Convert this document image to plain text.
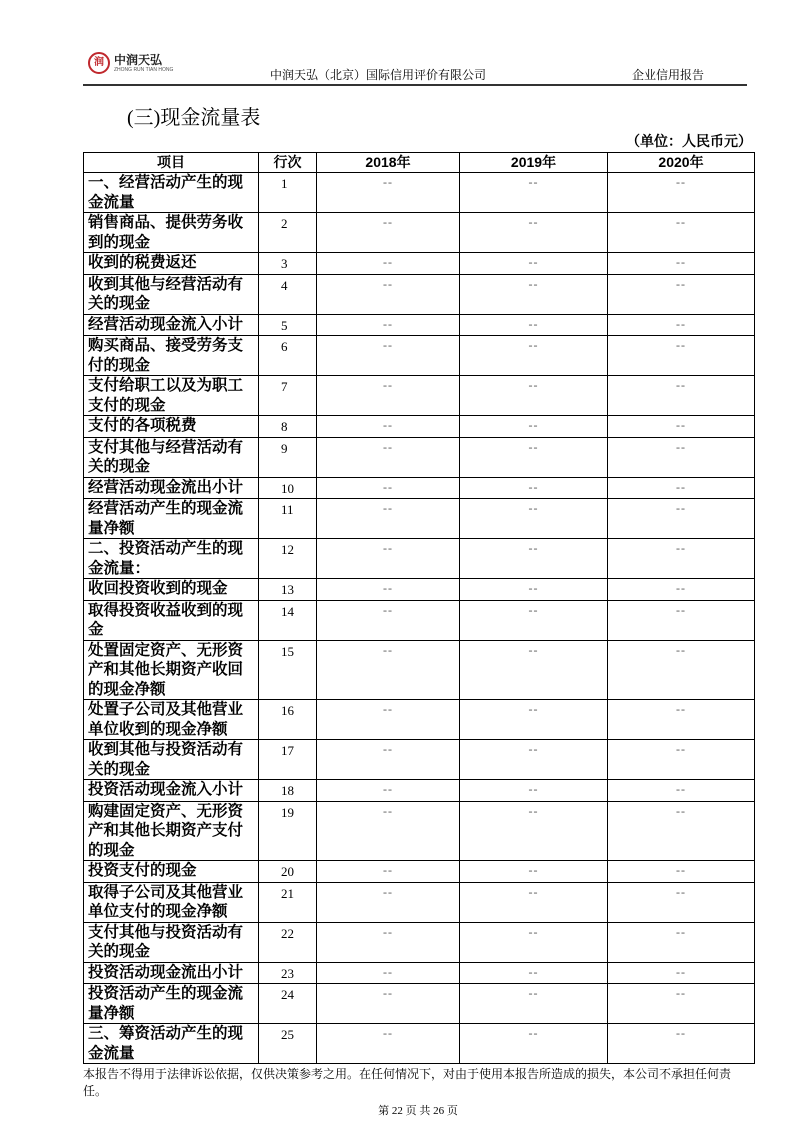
润 中润天弘
ZHONG RUN TIAN HONG	中润天弘（北京）国际信用评价有限公司	企业信用报告
(三)现金流量表
（单位：人民币元）
项目	行次	2018年	2019年	2020年
一、经营活动产生的现金流量	1	--	--	--
销售商品、提供劳务收到的现金	2	--	--	--
收到的税费返还	3	--	--	--
收到其他与经营活动有关的现金	4	--	--	--
经营活动现金流入小计	5	--	--	--
购买商品、接受劳务支付的现金	6	--	--	--
支付给职工以及为职工支付的现金	7	--	--	--
支付的各项税费	8	--	--	--
支付其他与经营活动有关的现金	9	--	--	--
经营活动现金流出小计	10	--	--	--
经营活动产生的现金流量净额	11	--	--	--
二、投资活动产生的现金流量：	12	--	--	--
收回投资收到的现金	13	--	--	--
取得投资收益收到的现金	14	--	--	--
处置固定资产、无形资产和其他长期资产收回的现金净额	15	--	--	--
处置子公司及其他营业单位收到的现金净额	16	--	--	--
收到其他与投资活动有关的现金	17	--	--	--
投资活动现金流入小计	18	--	--	--
购建固定资产、无形资产和其他长期资产支付的现金	19	--	--	--
投资支付的现金	20	--	--	--
取得子公司及其他营业单位支付的现金净额	21	--	--	--
支付其他与投资活动有关的现金	22	--	--	--
投资活动现金流出小计	23	--	--	--
投资活动产生的现金流量净额	24	--	--	--
三、筹资活动产生的现金流量	25	--	--	--
本报告不得用于法律诉讼依据，仅供决策参考之用。在任何情况下，对由于使用本报告所造成的损失，本公司不承担任何责任。
第 22 页 共 26 页
